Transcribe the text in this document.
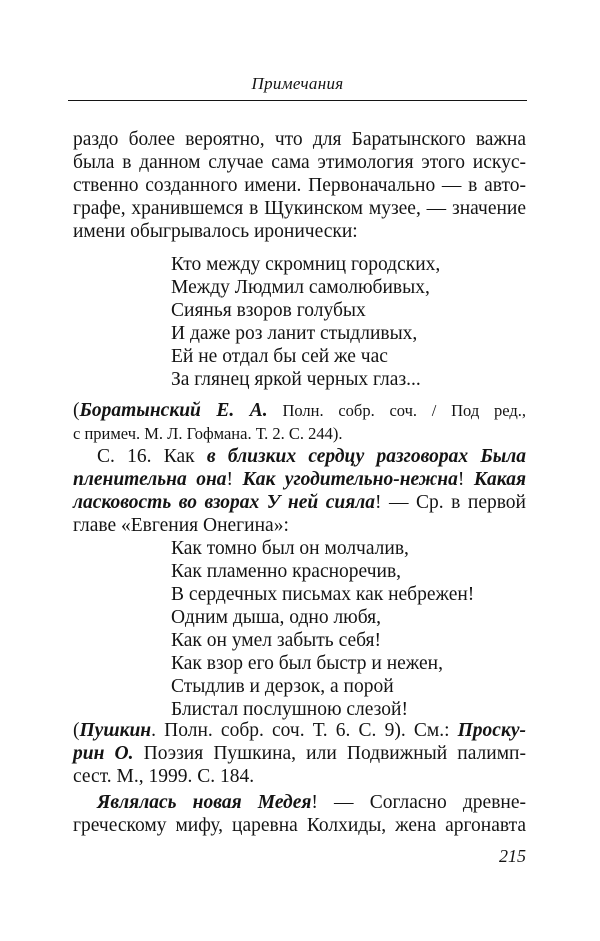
Примечания

раздо более вероятно, что для Баратынского важна
была в данном случае сама этимология этого искус-
ственно созданного имени. Первоначально — в авто-
графе, хранившемся в Щукинском музее, — значение
имени обыгрывалось иронически:

Кто между скромниц городских,
Между Людмил самолюбивых,
Сиянья взоров голубых
И даже роз ланит стыдливых,
Ей не отдал бы сей же час
За глянец яркой черных глаз...

(Боратынский Е. А. Полн. собр. соч. / Под ред.,
с примеч. М. Л. Гофмана. Т. 2. С. 244).

С. 16. Как в близких сердцу разговорах Была
пленительна она! Как угодительно-нежна! Какая
ласковость во взорах У ней сияла! — Ср. в первой
главе «Евгения Онегина»:

Как томно был он молчалив,
Как пламенно красноречив,
В сердечных письмах как небрежен!
Одним дыша, одно любя,
Как он умел забыть себя!
Как взор его был быстр и нежен,
Стыдлив и дерзок, а порой
Блистал послушною слезой!

(Пушкин. Полн. собр. соч. Т. 6. С. 9). См.: Проску-
рин О. Поэзия Пушкина, или Подвижный палимп-
сест. М., 1999. С. 184.

Являлась новая Медея! — Согласно древне-
греческому мифу, царевна Колхиды, жена аргонавта

215
